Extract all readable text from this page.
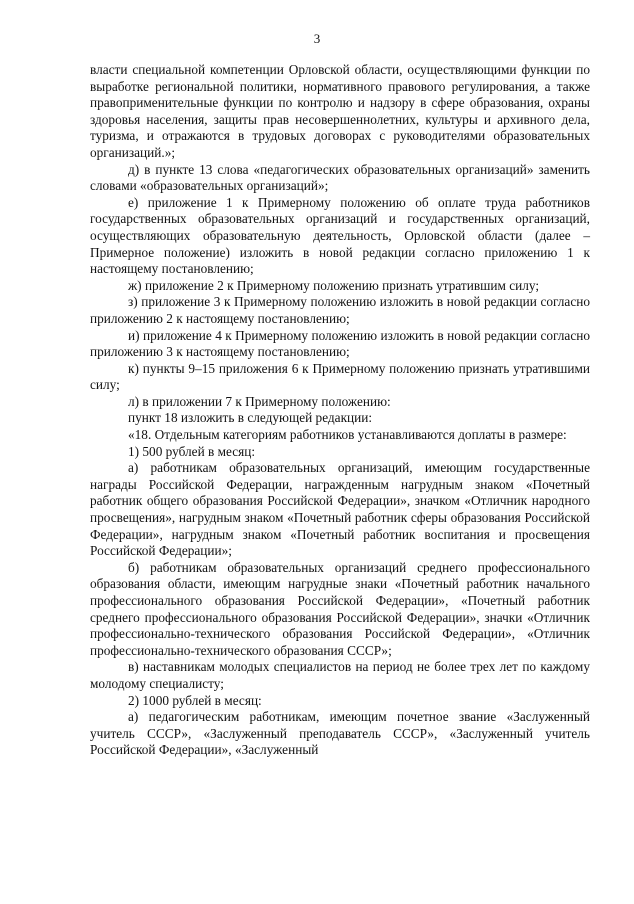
3

власти специальной компетенции Орловской области, осуществляющими функции по выработке региональной политики, нормативного правового регулирования, а также правоприменительные функции по контролю и надзору в сфере образования, охраны здоровья населения, защиты прав несовершеннолетних, культуры и архивного дела, туризма, и отражаются в трудовых договорах с руководителями образовательных организаций.»;

д) в пункте 13 слова «педагогических образовательных организаций» заменить словами «образовательных организаций»;

е) приложение 1 к Примерному положению об оплате труда работников государственных образовательных организаций и государственных организаций, осуществляющих образовательную деятельность, Орловской области (далее – Примерное положение) изложить в новой редакции согласно приложению 1 к настоящему постановлению;

ж) приложение 2 к Примерному положению признать утратившим силу;

з) приложение 3 к Примерному положению изложить в новой редакции согласно приложению 2 к настоящему постановлению;

и) приложение 4 к Примерному положению изложить в новой редакции согласно приложению 3 к настоящему постановлению;

к) пункты 9–15 приложения 6 к Примерному положению признать утратившими силу;

л) в приложении 7 к Примерному положению:

пункт 18 изложить в следующей редакции:

«18. Отдельным категориям работников устанавливаются доплаты в размере:

1) 500 рублей в месяц:

а) работникам образовательных организаций, имеющим государственные награды Российской Федерации, награжденным нагрудным знаком «Почетный работник общего образования Российской Федерации», значком «Отличник народного просвещения», нагрудным знаком «Почетный работник сферы образования Российской Федерации», нагрудным знаком «Почетный работник воспитания и просвещения Российской Федерации»;

б) работникам образовательных организаций среднего профессионального образования области, имеющим нагрудные знаки «Почетный работник начального профессионального образования Российской Федерации», «Почетный работник среднего профессионального образования Российской Федерации», значки «Отличник профессионально-технического образования Российской Федерации», «Отличник профессионально-технического образования СССР»;

в) наставникам молодых специалистов на период не более трех лет по каждому молодому специалисту;

2) 1000 рублей в месяц:

а) педагогическим работникам, имеющим почетное звание «Заслуженный учитель СССР», «Заслуженный преподаватель СССР», «Заслуженный учитель Российской Федерации», «Заслуженный
